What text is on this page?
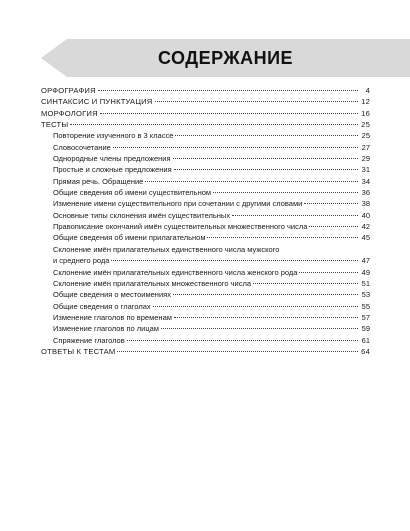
СОДЕРЖАНИЕ
ОРФОГРАФИЯ	4
СИНТАКСИС И ПУНКТУАЦИЯ	12
МОРФОЛОГИЯ	16
ТЕСТЫ	25
Повторение изученного в 3 классе	25
Словосочетание	27
Однородные члены предложения	29
Простые и сложные предложения	31
Прямая речь. Обращение	34
Общие сведения об имени существительном	36
Изменение имени существительного при сочетании с другими словами	38
Основные типы склонения имён существительных	40
Правописание окончаний имён существительных множественного числа	42
Общие сведения об имени прилагательном	45
Склонение имён прилагательных единственного числа мужского
и среднего рода	47
Склонение имён прилагательных единственного числа женского рода	49
Склонение имён прилагательных множественного числа	51
Общие сведения о местоимениях	53
Общие сведения о глаголах	55
Изменение глаголов по временам	57
Изменение глаголов по лицам	59
Спряжение глаголов	61
ОТВЕТЫ К ТЕСТАМ	64
